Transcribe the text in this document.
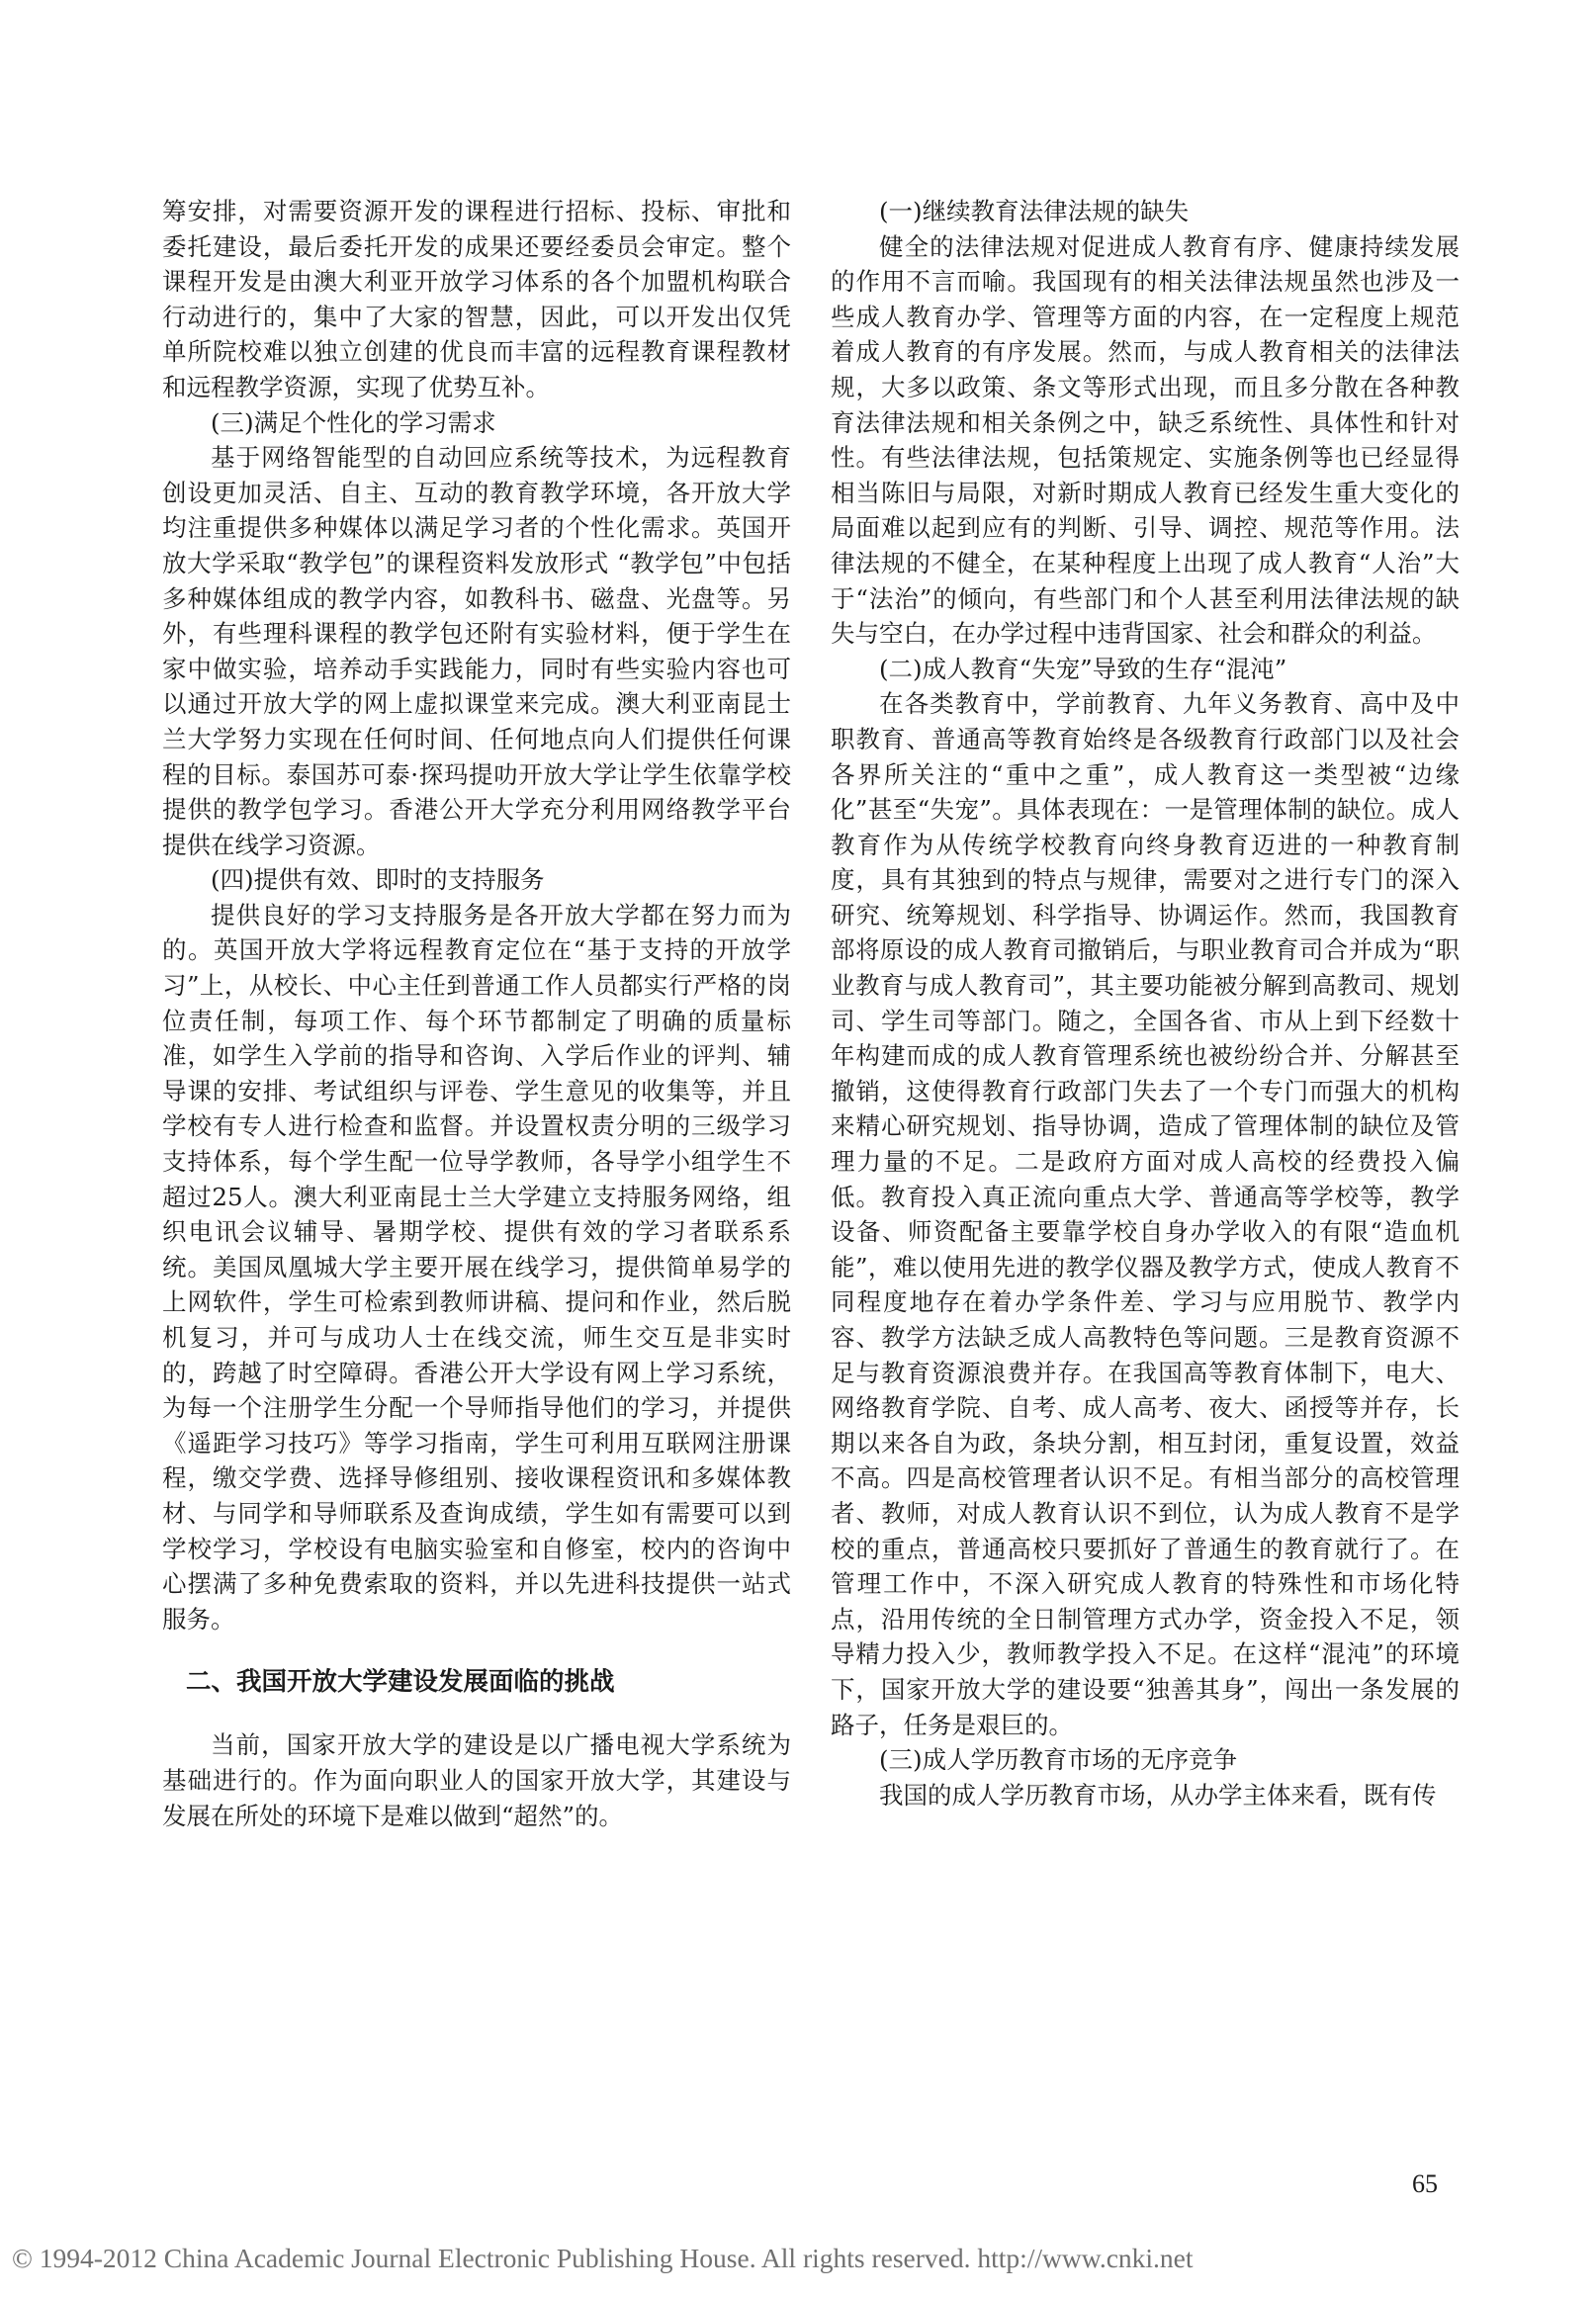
筹安排，对需要资源开发的课程进行招标、投标、审批和委托建设，最后委托开发的成果还要经委员会审定。整个课程开发是由澳大利亚开放学习体系的各个加盟机构联合行动进行的，集中了大家的智慧，因此，可以开发出仅凭单所院校难以独立创建的优良而丰富的远程教育课程教材和远程教学资源，实现了优势互补。

(三)满足个性化的学习需求

基于网络智能型的自动回应系统等技术，为远程教育创设更加灵活、自主、互动的教育教学环境，各开放大学均注重提供多种媒体以满足学习者的个性化需求。英国开放大学采取“教学包”的课程资料发放形式 “教学包”中包括多种媒体组成的教学内容，如教科书、磁盘、光盘等。另外，有些理科课程的教学包还附有实验材料，便于学生在家中做实验，培养动手实践能力，同时有些实验内容也可以通过开放大学的网上虚拟课堂来完成。澳大利亚南昆士兰大学努力实现在任何时间、任何地点向人们提供任何课程的目标。泰国苏可泰·探玛提叻开放大学让学生依靠学校提供的教学包学习。香港公开大学充分利用网络教学平台提供在线学习资源。

(四)提供有效、即时的支持服务

提供良好的学习支持服务是各开放大学都在努力而为的。英国开放大学将远程教育定位在“基于支持的开放学习”上，从校长、中心主任到普通工作人员都实行严格的岗位责任制，每项工作、每个环节都制定了明确的质量标准，如学生入学前的指导和咨询、入学后作业的评判、辅导课的安排、考试组织与评卷、学生意见的收集等，并且学校有专人进行检查和监督。并设置权责分明的三级学习支持体系，每个学生配一位导学教师，各导学小组学生不超过25人。澳大利亚南昆士兰大学建立支持服务网络，组织电讯会议辅导、暑期学校、提供有效的学习者联系系统。美国凤凰城大学主要开展在线学习，提供简单易学的上网软件，学生可检索到教师讲稿、提问和作业，然后脱机复习，并可与成功人士在线交流，师生交互是非实时的，跨越了时空障碍。香港公开大学设有网上学习系统，为每一个注册学生分配一个导师指导他们的学习，并提供《遥距学习技巧》等学习指南，学生可利用互联网注册课程，缴交学费、选择导修组别、接收课程资讯和多媒体教材、与同学和导师联系及查询成绩，学生如有需要可以到学校学习，学校设有电脑实验室和自修室，校内的咨询中心摆满了多种免费索取的资料，并以先进科技提供一站式服务。

二、我国开放大学建设发展面临的挑战

当前，国家开放大学的建设是以广播电视大学系统为基础进行的。作为面向职业人的国家开放大学，其建设与发展在所处的环境下是难以做到“超然”的。

(一)继续教育法律法规的缺失

健全的法律法规对促进成人教育有序、健康持续发展的作用不言而喻。我国现有的相关法律法规虽然也涉及一些成人教育办学、管理等方面的内容，在一定程度上规范着成人教育的有序发展。然而，与成人教育相关的法律法规，大多以政策、条文等形式出现，而且多分散在各种教育法律法规和相关条例之中，缺乏系统性、具体性和针对性。有些法律法规，包括策规定、实施条例等也已经显得相当陈旧与局限，对新时期成人教育已经发生重大变化的局面难以起到应有的判断、引导、调控、规范等作用。法律法规的不健全，在某种程度上出现了成人教育“人治”大于“法治”的倾向，有些部门和个人甚至利用法律法规的缺失与空白，在办学过程中违背国家、社会和群众的利益。

(二)成人教育“失宠”导致的生存“混沌”

在各类教育中，学前教育、九年义务教育、高中及中职教育、普通高等教育始终是各级教育行政部门以及社会各界所关注的“重中之重”，成人教育这一类型被“边缘化”甚至“失宠”。具体表现在：一是管理体制的缺位。成人教育作为从传统学校教育向终身教育迈进的一种教育制度，具有其独到的特点与规律，需要对之进行专门的深入研究、统筹规划、科学指导、协调运作。然而，我国教育部将原设的成人教育司撤销后，与职业教育司合并成为“职业教育与成人教育司”，其主要功能被分解到高教司、规划司、学生司等部门。随之，全国各省、市从上到下经数十年构建而成的成人教育管理系统也被纷纷合并、分解甚至撤销，这使得教育行政部门失去了一个专门而强大的机构来精心研究规划、指导协调，造成了管理体制的缺位及管理力量的不足。二是政府方面对成人高校的经费投入偏低。教育投入真正流向重点大学、普通高等学校等，教学设备、师资配备主要靠学校自身办学收入的有限“造血机能”，难以使用先进的教学仪器及教学方式，使成人教育不同程度地存在着办学条件差、学习与应用脱节、教学内容、教学方法缺乏成人高教特色等问题。三是教育资源不足与教育资源浪费并存。在我国高等教育体制下，电大、网络教育学院、自考、成人高考、夜大、函授等并存，长期以来各自为政，条块分割，相互封闭，重复设置，效益不高。四是高校管理者认识不足。有相当部分的高校管理者、教师，对成人教育认识不到位，认为成人教育不是学校的重点，普通高校只要抓好了普通生的教育就行了。在管理工作中，不深入研究成人教育的特殊性和市场化特点，沿用传统的全日制管理方式办学，资金投入不足，领导精力投入少，教师教学投入不足。在这样“混沌”的环境下，国家开放大学的建设要“独善其身”，闯出一条发展的路子，任务是艰巨的。

(三)成人学历教育市场的无序竞争

我国的成人学历教育市场，从办学主体来看，既有传

65
© 1994-2012 China Academic Journal Electronic Publishing House. All rights reserved. http://www.cnki.net
